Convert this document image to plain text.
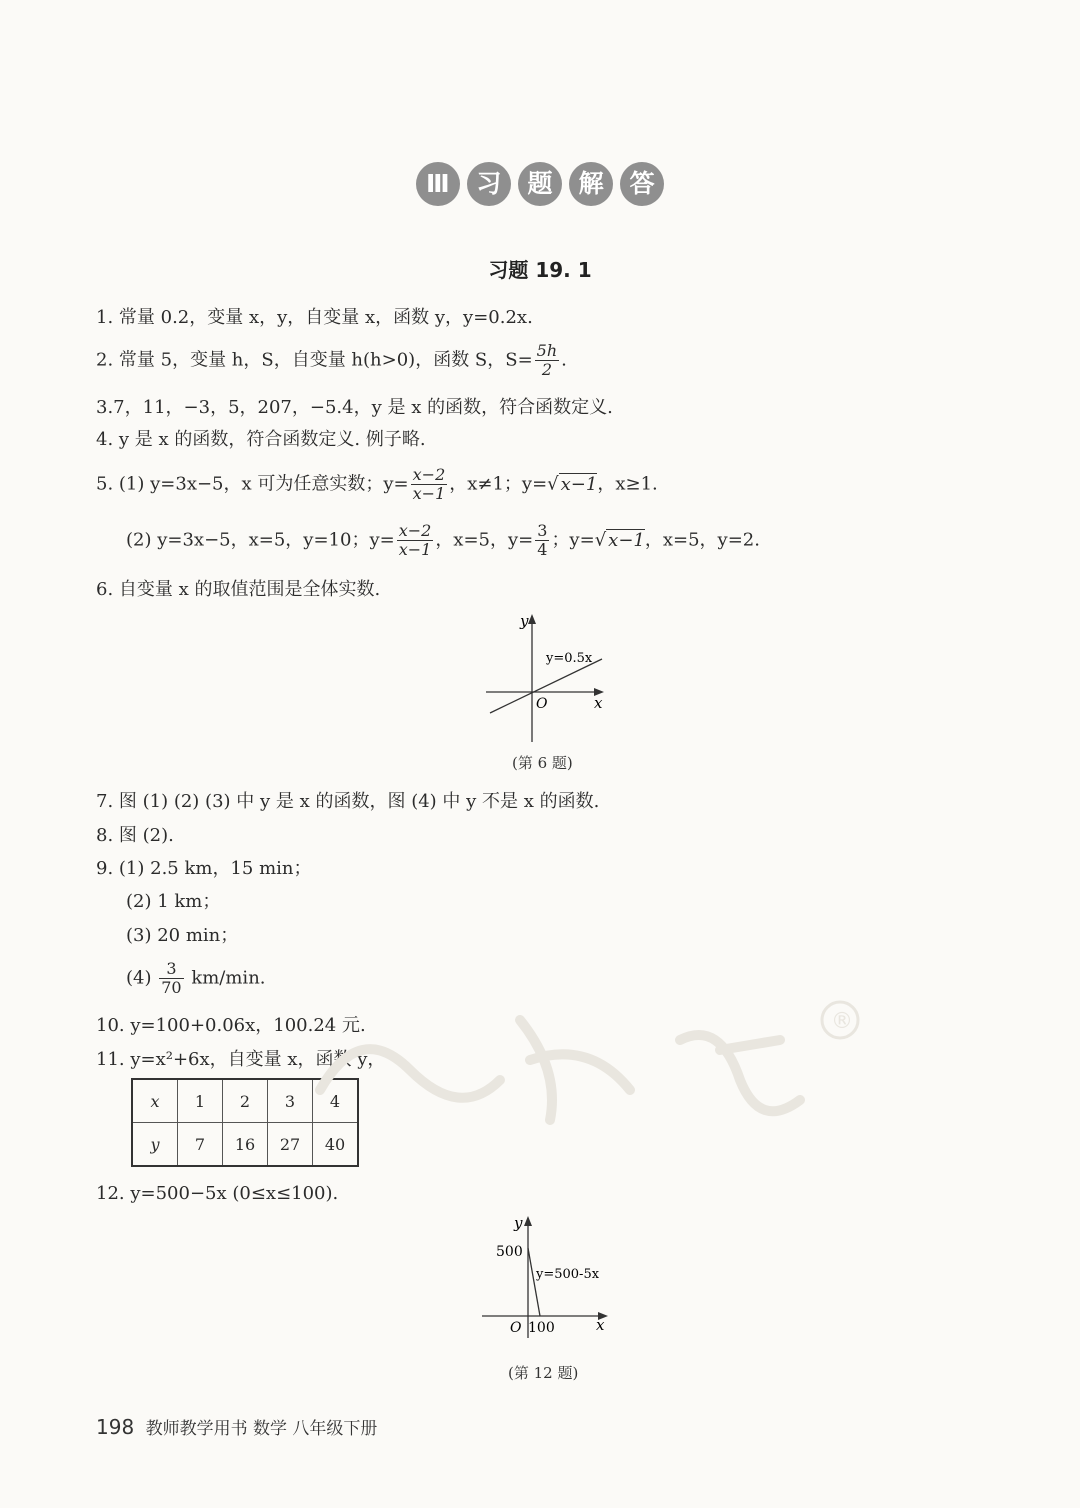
Ⅲ 习 题 解 答
习题 19. 1
1. 常量 0.2，变量 x，y，自变量 x，函数 y，y=0.2x.
2. 常量 5，变量 h，S，自变量 h(h>0)，函数 S，$S= \frac{5h}{2}$ .
3.7，11，−3，5，207，−5.4，y 是 x 的函数，符合函数定义.
4. y 是 x 的函数，符合函数定义. 例子略.
5. (1) y=3x−5，x 可为任意实数；$y= \frac{x-2}{x-1}$ ，x≠1；y=√ x−1，x≥1.
(2) y=3x−5，x=5，y=10；$y= \frac{x-2}{x-1}$ ，x=5，$y= \frac{3}{4}$ ；y=√ x−1，x=5，y=2.
6. 自变量 x 的取值范围是全体实数.
y
x
O
y=0.5x
(第 6 题)
7. 图 (1) (2) (3) 中 y 是 x 的函数，图 (4) 中 y 不是 x 的函数.
8. 图 (2).
9. (1) 2.5 km，15 min；
(2) 1 km；
(3) 20 min；
$(4) \frac{3}{70} km/\min$.
10. y=100+0.06x，100.24 元.
11. y=x²+6x，自变量 x，函数 y，
x	1	2	3	4
y	7	16	27	40
12. y=500−5x (0≤x≤100).
y
x
O
500
100
y=500-5x
(第 12 题)
®
198 教师教学用书 数学 八年级下册
